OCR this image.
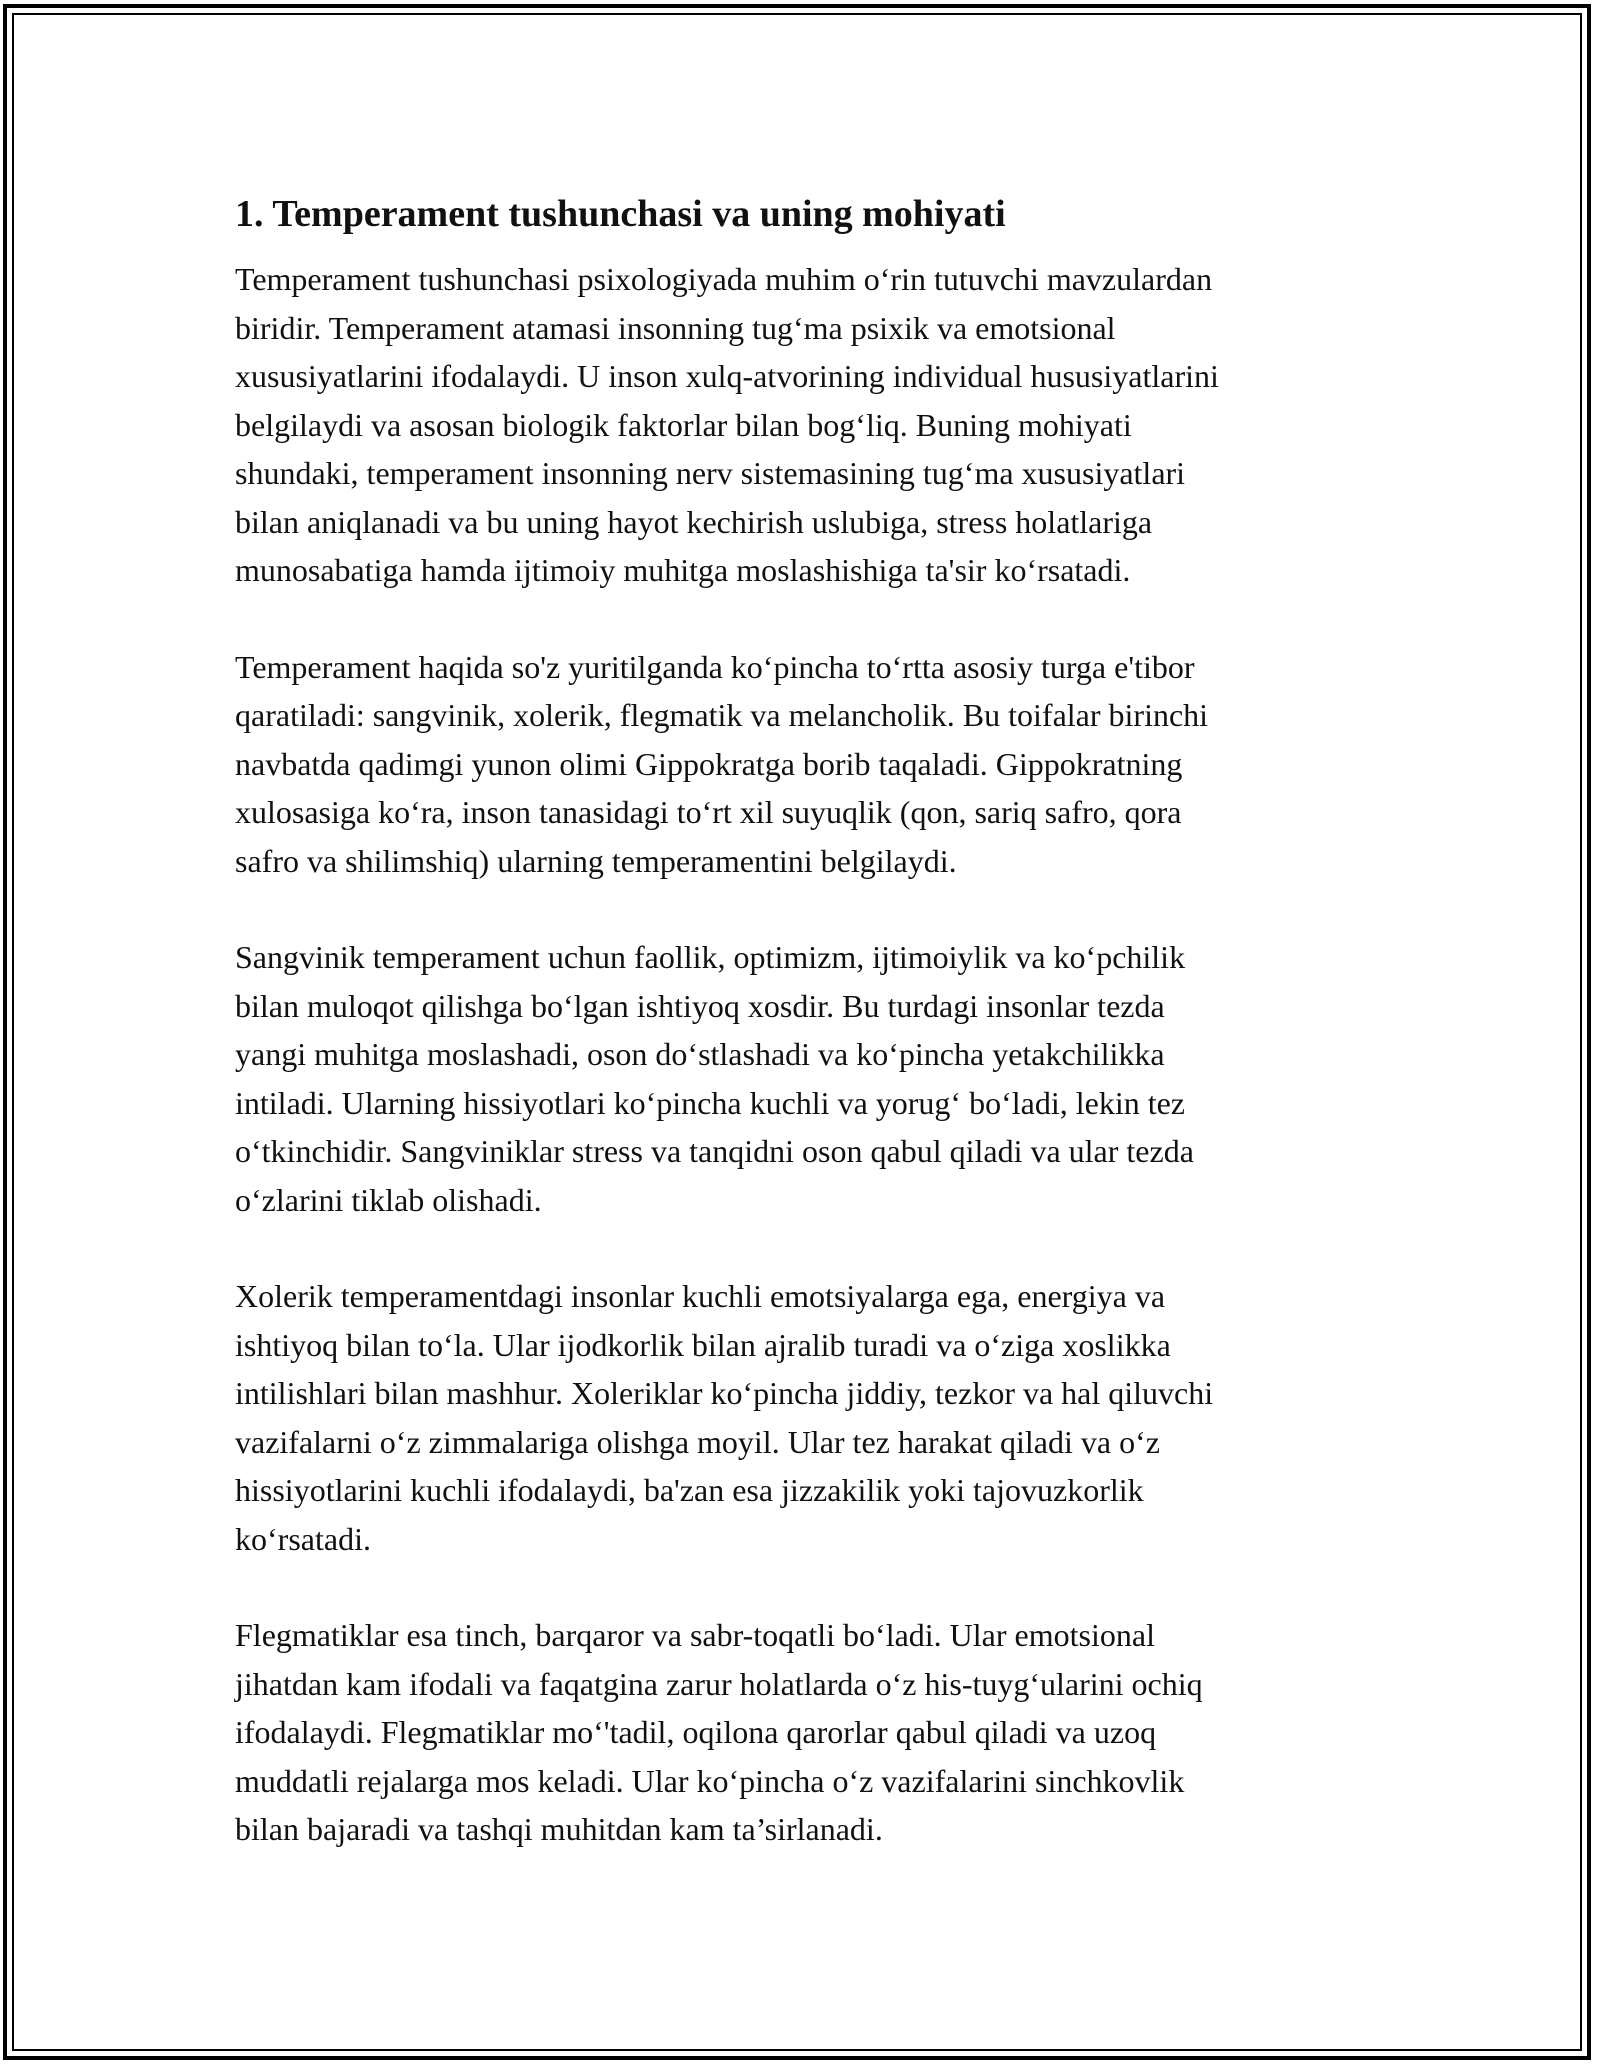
1. Temperament tushunchasi va uning mohiyati

Temperament tushunchasi psixologiyada muhim o‘rin tutuvchi mavzulardan
biridir. Temperament atamasi insonning tug‘ma psixik va emotsional
xususiyatlarini ifodalaydi. U inson xulq-atvorining individual hususiyatlarini
belgilaydi va asosan biologik faktorlar bilan bog‘liq. Buning mohiyati
shundaki, temperament insonning nerv sistemasining tug‘ma xususiyatlari
bilan aniqlanadi va bu uning hayot kechirish uslubiga, stress holatlariga
munosabatiga hamda ijtimoiy muhitga moslashishiga ta'sir ko‘rsatadi.

Temperament haqida so'z yuritilganda ko‘pincha to‘rtta asosiy turga e'tibor
qaratiladi: sangvinik, xolerik, flegmatik va melancholik. Bu toifalar birinchi
navbatda qadimgi yunon olimi Gippokratga borib taqaladi. Gippokratning
xulosasiga ko‘ra, inson tanasidagi to‘rt xil suyuqlik (qon, sariq safro, qora
safro va shilimshiq) ularning temperamentini belgilaydi.

Sangvinik temperament uchun faollik, optimizm, ijtimoiylik va ko‘pchilik
bilan muloqot qilishga bo‘lgan ishtiyoq xosdir. Bu turdagi insonlar tezda
yangi muhitga moslashadi, oson do‘stlashadi va ko‘pincha yetakchilikka
intiladi. Ularning hissiyotlari ko‘pincha kuchli va yorug‘ bo‘ladi, lekin tez
o‘tkinchidir. Sangviniklar stress va tanqidni oson qabul qiladi va ular tezda
o‘zlarini tiklab olishadi.

Xolerik temperamentdagi insonlar kuchli emotsiyalarga ega, energiya va
ishtiyoq bilan to‘la. Ular ijodkorlik bilan ajralib turadi va o‘ziga xoslikka
intilishlari bilan mashhur. Xoleriklar ko‘pincha jiddiy, tezkor va hal qiluvchi
vazifalarni o‘z zimmalariga olishga moyil. Ular tez harakat qiladi va o‘z
hissiyotlarini kuchli ifodalaydi, ba'zan esa jizzakilik yoki tajovuzkorlik
ko‘rsatadi.

Flegmatiklar esa tinch, barqaror va sabr-toqatli bo‘ladi. Ular emotsional
jihatdan kam ifodali va faqatgina zarur holatlarda o‘z his-tuyg‘ularini ochiq
ifodalaydi. Flegmatiklar mo‘'tadil, oqilona qarorlar qabul qiladi va uzoq
muddatli rejalarga mos keladi. Ular ko‘pincha o‘z vazifalarini sinchkovlik
bilan bajaradi va tashqi muhitdan kam ta’sirlanadi.
